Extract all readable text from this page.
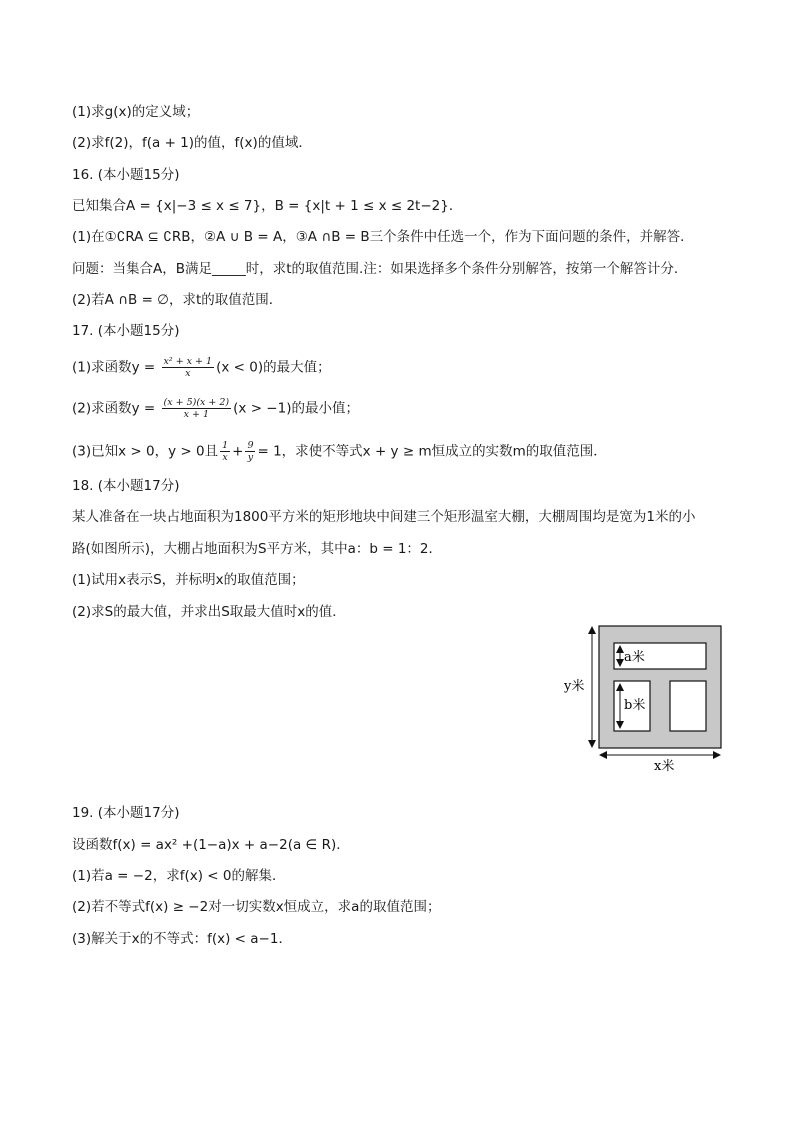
(1)求g(x)的定义域；
(2)求f(2)，f(a + 1)的值，f(x)的值域．
16. (本小题15分)
已知集合A = {x|−3 ≤ x ≤ 7}，B = {x|t + 1 ≤ x ≤ 2t−2}．
(1)在①∁RA ⊆ ∁RB，②A ∪ B = A，③A ∩B = B三个条件中任选一个，作为下面问题的条件，并解答．
问题：当集合A，B满足_____时，求t的取值范围.注：如果选择多个条件分别解答，按第一个解答计分．
(2)若A ∩B = ∅，求t的取值范围．
17. (本小题15分)
(1)求函数$y = \frac{\text{x² + x + 1}}{x} (x < 0)$的最大值；
(2)求函数$y = \frac{(x + 5)(x + 2)}{x + 1} (x > -1)$的最小值；
(3)已知x > 0，y > 0且 $\frac{1}{x} + \frac{9}{y} = 1$，求使不等式x + y ≥ m恒成立的实数m的取值范围．
18. (本小题17分)
某人准备在一块占地面积为1800平方米的矩形地块中间建三个矩形温室大棚，大棚周围均是宽为1米的小
路(如图所示)，大棚占地面积为S平方米，其中a：b = 1：2．
(1)试用x表示S，并标明x的取值范围；
(2)求S的最大值，并求出S取最大值时x的值．
a米
b米
y米
x米
19. (本小题17分)
设函数f(x) = ax² +(1−a)x + a−2(a ∈ R)．
(1)若a = −2，求f(x) < 0的解集．
(2)若不等式f(x) ≥ −2对一切实数x恒成立，求a的取值范围；
(3)解关于x的不等式：f(x) < a−1．
